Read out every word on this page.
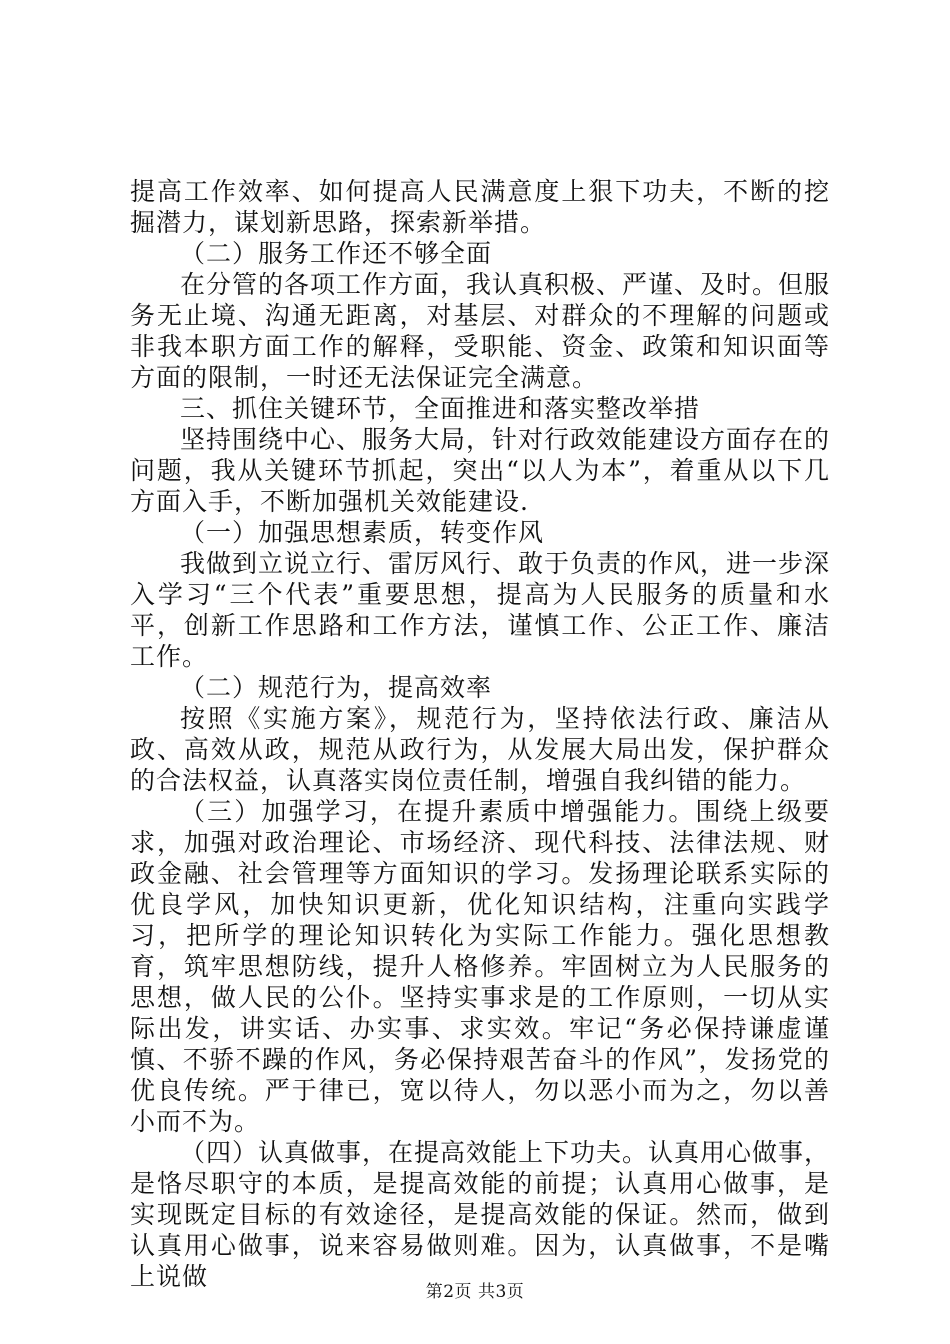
提高工作效率、如何提高人民满意度上狠下功夫，不断的挖掘潜力，谋划新思路，探索新举措。

（二）服务工作还不够全面

在分管的各项工作方面，我认真积极、严谨、及时。但服务无止境、沟通无距离，对基层、对群众的不理解的问题或非我本职方面工作的解释，受职能、资金、政策和知识面等方面的限制，一时还无法保证完全满意。

三、抓住关键环节，全面推进和落实整改举措

坚持围绕中心、服务大局，针对行政效能建设方面存在的问题，我从关键环节抓起，突出“以人为本”，着重从以下几方面入手，不断加强机关效能建设.

（一）加强思想素质，转变作风

我做到立说立行、雷厉风行、敢于负责的作风，进一步深入学习“三个代表”重要思想，提高为人民服务的质量和水平，创新工作思路和工作方法，谨慎工作、公正工作、廉洁工作。

（二）规范行为，提高效率

按照《实施方案》，规范行为，坚持依法行政、廉洁从政、高效从政，规范从政行为，从发展大局出发，保护群众的合法权益，认真落实岗位责任制，增强自我纠错的能力。

（三）加强学习，在提升素质中增强能力。围绕上级要求，加强对政治理论、市场经济、现代科技、法律法规、财政金融、社会管理等方面知识的学习。发扬理论联系实际的优良学风，加快知识更新，优化知识结构，注重向实践学习，把所学的理论知识转化为实际工作能力。强化思想教育，筑牢思想防线，提升人格修养。牢固树立为人民服务的思想，做人民的公仆。坚持实事求是的工作原则，一切从实际出发，讲实话、办实事、求实效。牢记“务必保持谦虚谨慎、不骄不躁的作风，务必保持艰苦奋斗的作风”，发扬党的优良传统。严于律已，宽以待人，勿以恶小而为之，勿以善小而不为。

（四）认真做事，在提高效能上下功夫。认真用心做事，是恪尽职守的本质，是提高效能的前提；认真用心做事，是实现既定目标的有效途径，是提高效能的保证。然而，做到认真用心做事，说来容易做则难。因为，认真做事，不是嘴上说做

第2页 共3页
